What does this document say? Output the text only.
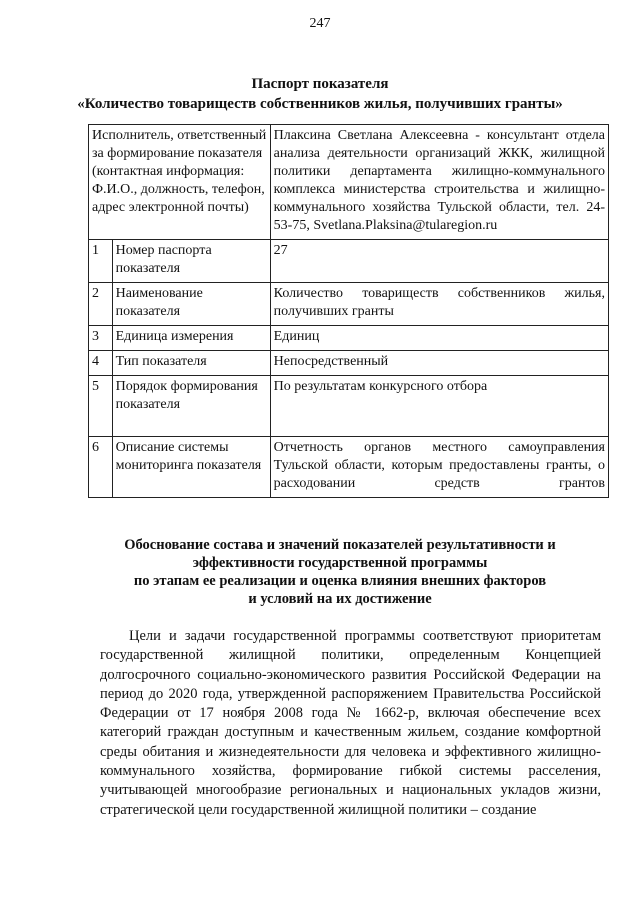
247
Паспорт показателя
«Количество товариществ собственников жилья, получивших гранты»
Исполнитель, ответственный за формирование показателя (контактная информация: Ф.И.О., должность, телефон, адрес электронной почты)		Плаксина Светлана Алексеевна - консультант отдела анализа деятельности организаций ЖКК, жилищной политики департамента жилищно-коммунального комплекса министерства строительства и жилищно-коммунального хозяйства Тульской области, тел. 24-53-75, Svetlana.Plaksina@tularegion.ru
1	Номер паспорта показателя	27
2	Наименование показателя	Количество товариществ собственников жилья, получивших гранты
3	Единица измерения	Единиц
4	Тип показателя	Непосредственный
5	Порядок формирования показателя	По результатам конкурсного отбора
6	Описание системы мониторинга показателя	Отчетность органов местного самоуправления Тульской области, которым предоставлены гранты, о расходовании средств грантов
Обоснование состава и значений показателей результативности и
эффективности государственной программы
по этапам ее реализации и оценка влияния внешних факторов
и условий на их достижение

Цели и задачи государственной программы соответствуют приоритетам государственной жилищной политики, определенным Концепцией долгосрочного социально-экономического развития Российской Федерации на период до 2020 года, утвержденной распоряжением Правительства Российской Федерации от 17 ноября 2008 года № 1662-р, включая обеспечение всех категорий граждан доступным и качественным жильем, создание комфортной среды обитания и жизнедеятельности для человека и эффективного жилищно-коммунального хозяйства, формирование гибкой системы расселения, учитывающей многообразие региональных и национальных укладов жизни, стратегической цели государственной жилищной политики – создание
